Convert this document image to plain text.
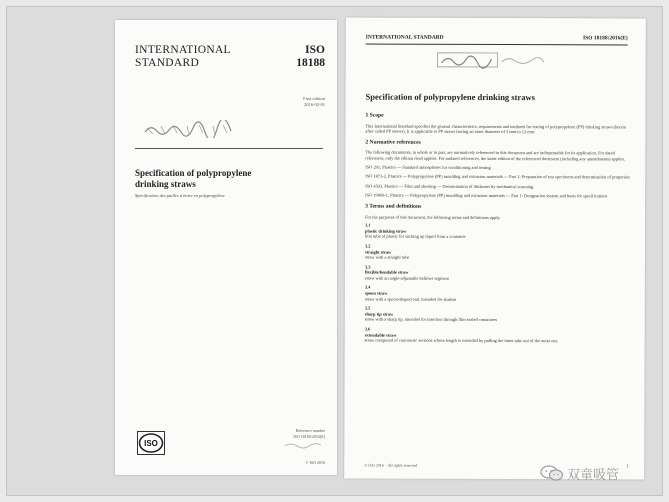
INTERNATIONAL
STANDARD
ISO
18188
First edition
2016-02-01
Specification of polypropylene
drinking straws
Spécification des pailles à boire en polypropylène
ISO
Reference number
ISO 18188:2016(E)
© ISO 2016
INTERNATIONAL STANDARD	ISO 18188:2016(E)
Specification of polypropylene drinking straws
1 Scope
This International Standard specifies the general characteristics, requirements and methods for testing of polypropylene (PP) drinking straws (herein after called PP straws). It is applicable to PP straws having an outer diameter of 3 mm to 12 mm.
2 Normative references
The following documents, in whole or in part, are normatively referenced in this document and are indispensable for its application. For dated references, only the edition cited applies. For undated references, the latest edition of the referenced document (including any amendments) applies.
ISO 291, Plastics — Standard atmospheres for conditioning and testing
ISO 1873-2, Plastics — Polypropylene (PP) moulding and extrusion materials — Part 2: Preparation of test specimens and determination of properties
ISO 4593, Plastics — Film and sheeting — Determination of thickness by mechanical scanning
ISO 19069-1, Plastics — Polypropylene (PP) moulding and extrusion materials — Part 1: Designation system and basis for specifications
3 Terms and definitions
For the purposes of this document, the following terms and definitions apply.
3.1
plastic drinking straw
thin tube of plastic for sucking up liquid from a container
3.2
straight straw
straw with a straight tube
3.3
flexible/bendable straw
straw with an angle-adjustable bellows segment
3.4
spoon straw
straw with a spoon-shaped end, intended for slushes
3.5
sharp tip straw
straw with a sharp tip, intended for insertion through film sealed containers
3.6
extendable straw
straw composed of concentric sections whose length is extended by pulling the inner tube out of the outer one
© ISO 2016 – All rights reserved	1
双童吸管
